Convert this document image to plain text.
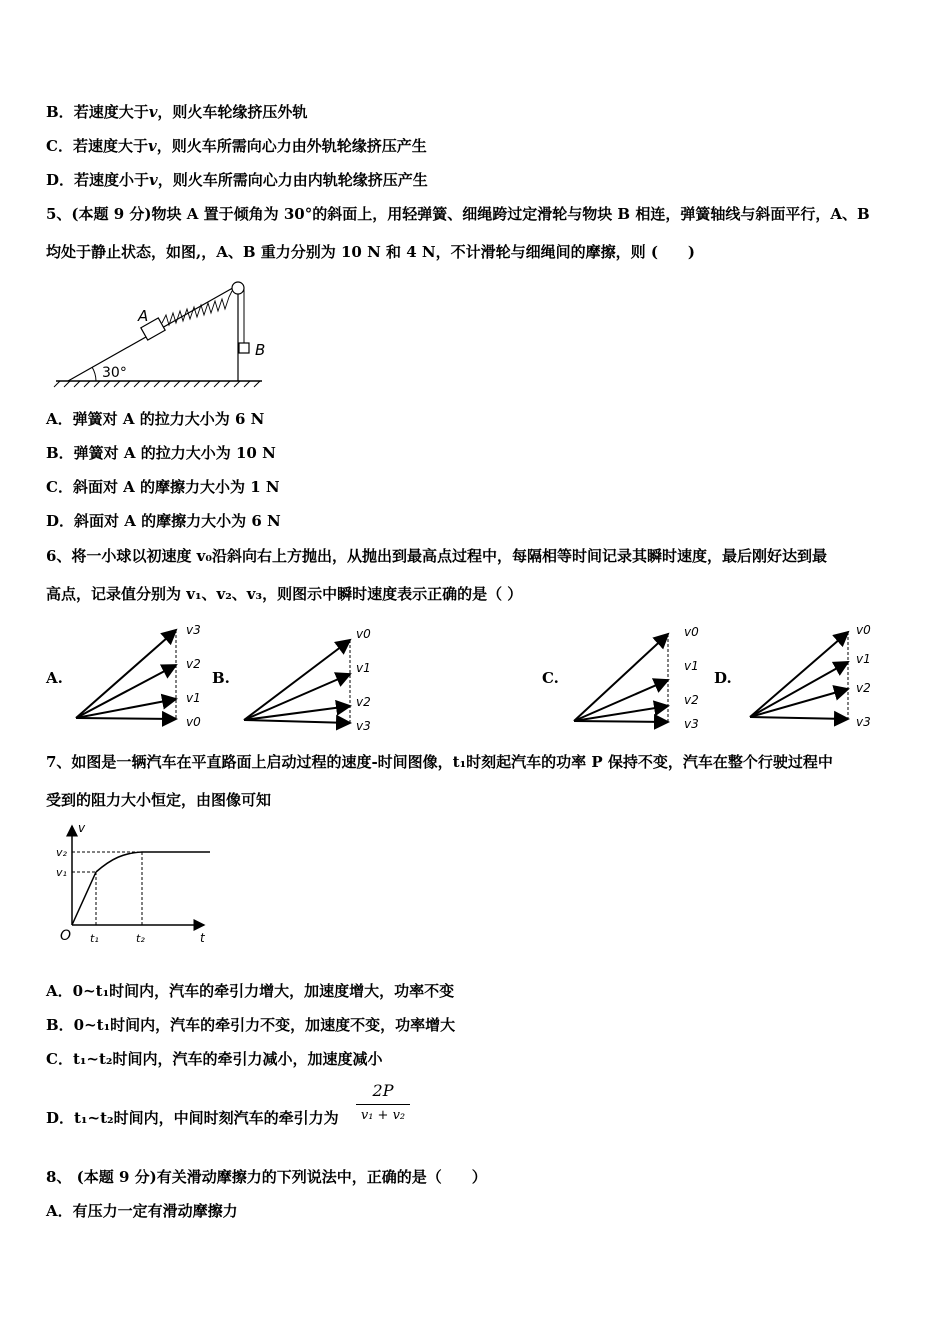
B．若速度大于v，则火车轮缘挤压外轨
C．若速度大于v，则火车所需向心力由外轨轮缘挤压产生
D．若速度小于v，则火车所需向心力由内轨轮缘挤压产生
5、(本题 9 分)物块 A 置于倾角为 30°的斜面上，用轻弹簧、细绳跨过定滑轮与物块 B 相连，弹簧轴线与斜面平行，A、B
均处于静止状态，如图,，A、B 重力分别为 10 N 和 4 N，不计滑轮与细绳间的摩擦，则 (　　)
30°
A
B
A．弹簧对 A 的拉力大小为 6 N
B．弹簧对 A 的拉力大小为 10 N
C．斜面对 A 的摩擦力大小为 1 N
D．斜面对 A 的摩擦力大小为 6 N
6、将一小球以初速度 v₀沿斜向右上方抛出，从抛出到最高点过程中，每隔相等时间记录其瞬时速度，最后刚好达到最
高点，记录值分别为 v₁、v₂、v₃，则图示中瞬时速度表示正确的是（ ）
A.
v3
v2
v1
v0
B.
v0
v1
v2
v3
C.
v0
v1
v2
v3
D.
v0
v1
v2
v3
7、如图是一辆汽车在平直路面上启动过程的速度-时间图像，t₁时刻起汽车的功率 P 保持不变，汽车在整个行驶过程中
受到的阻力大小恒定，由图像可知
v
t
O
v₂
v₁
t₁	t₂
A．0~t₁时间内，汽车的牵引力增大，加速度增大，功率不变
B．0~t₁时间内，汽车的牵引力不变，加速度不变，功率增大
C．t₁~t₂时间内，汽车的牵引力减小，加速度减小
D．t₁~t₂时间内，中间时刻汽车的牵引力为
2P
v₁ + v₂
8、 (本题 9 分)有关滑动摩擦力的下列说法中，正确的是（　　）
A．有压力一定有滑动摩擦力
